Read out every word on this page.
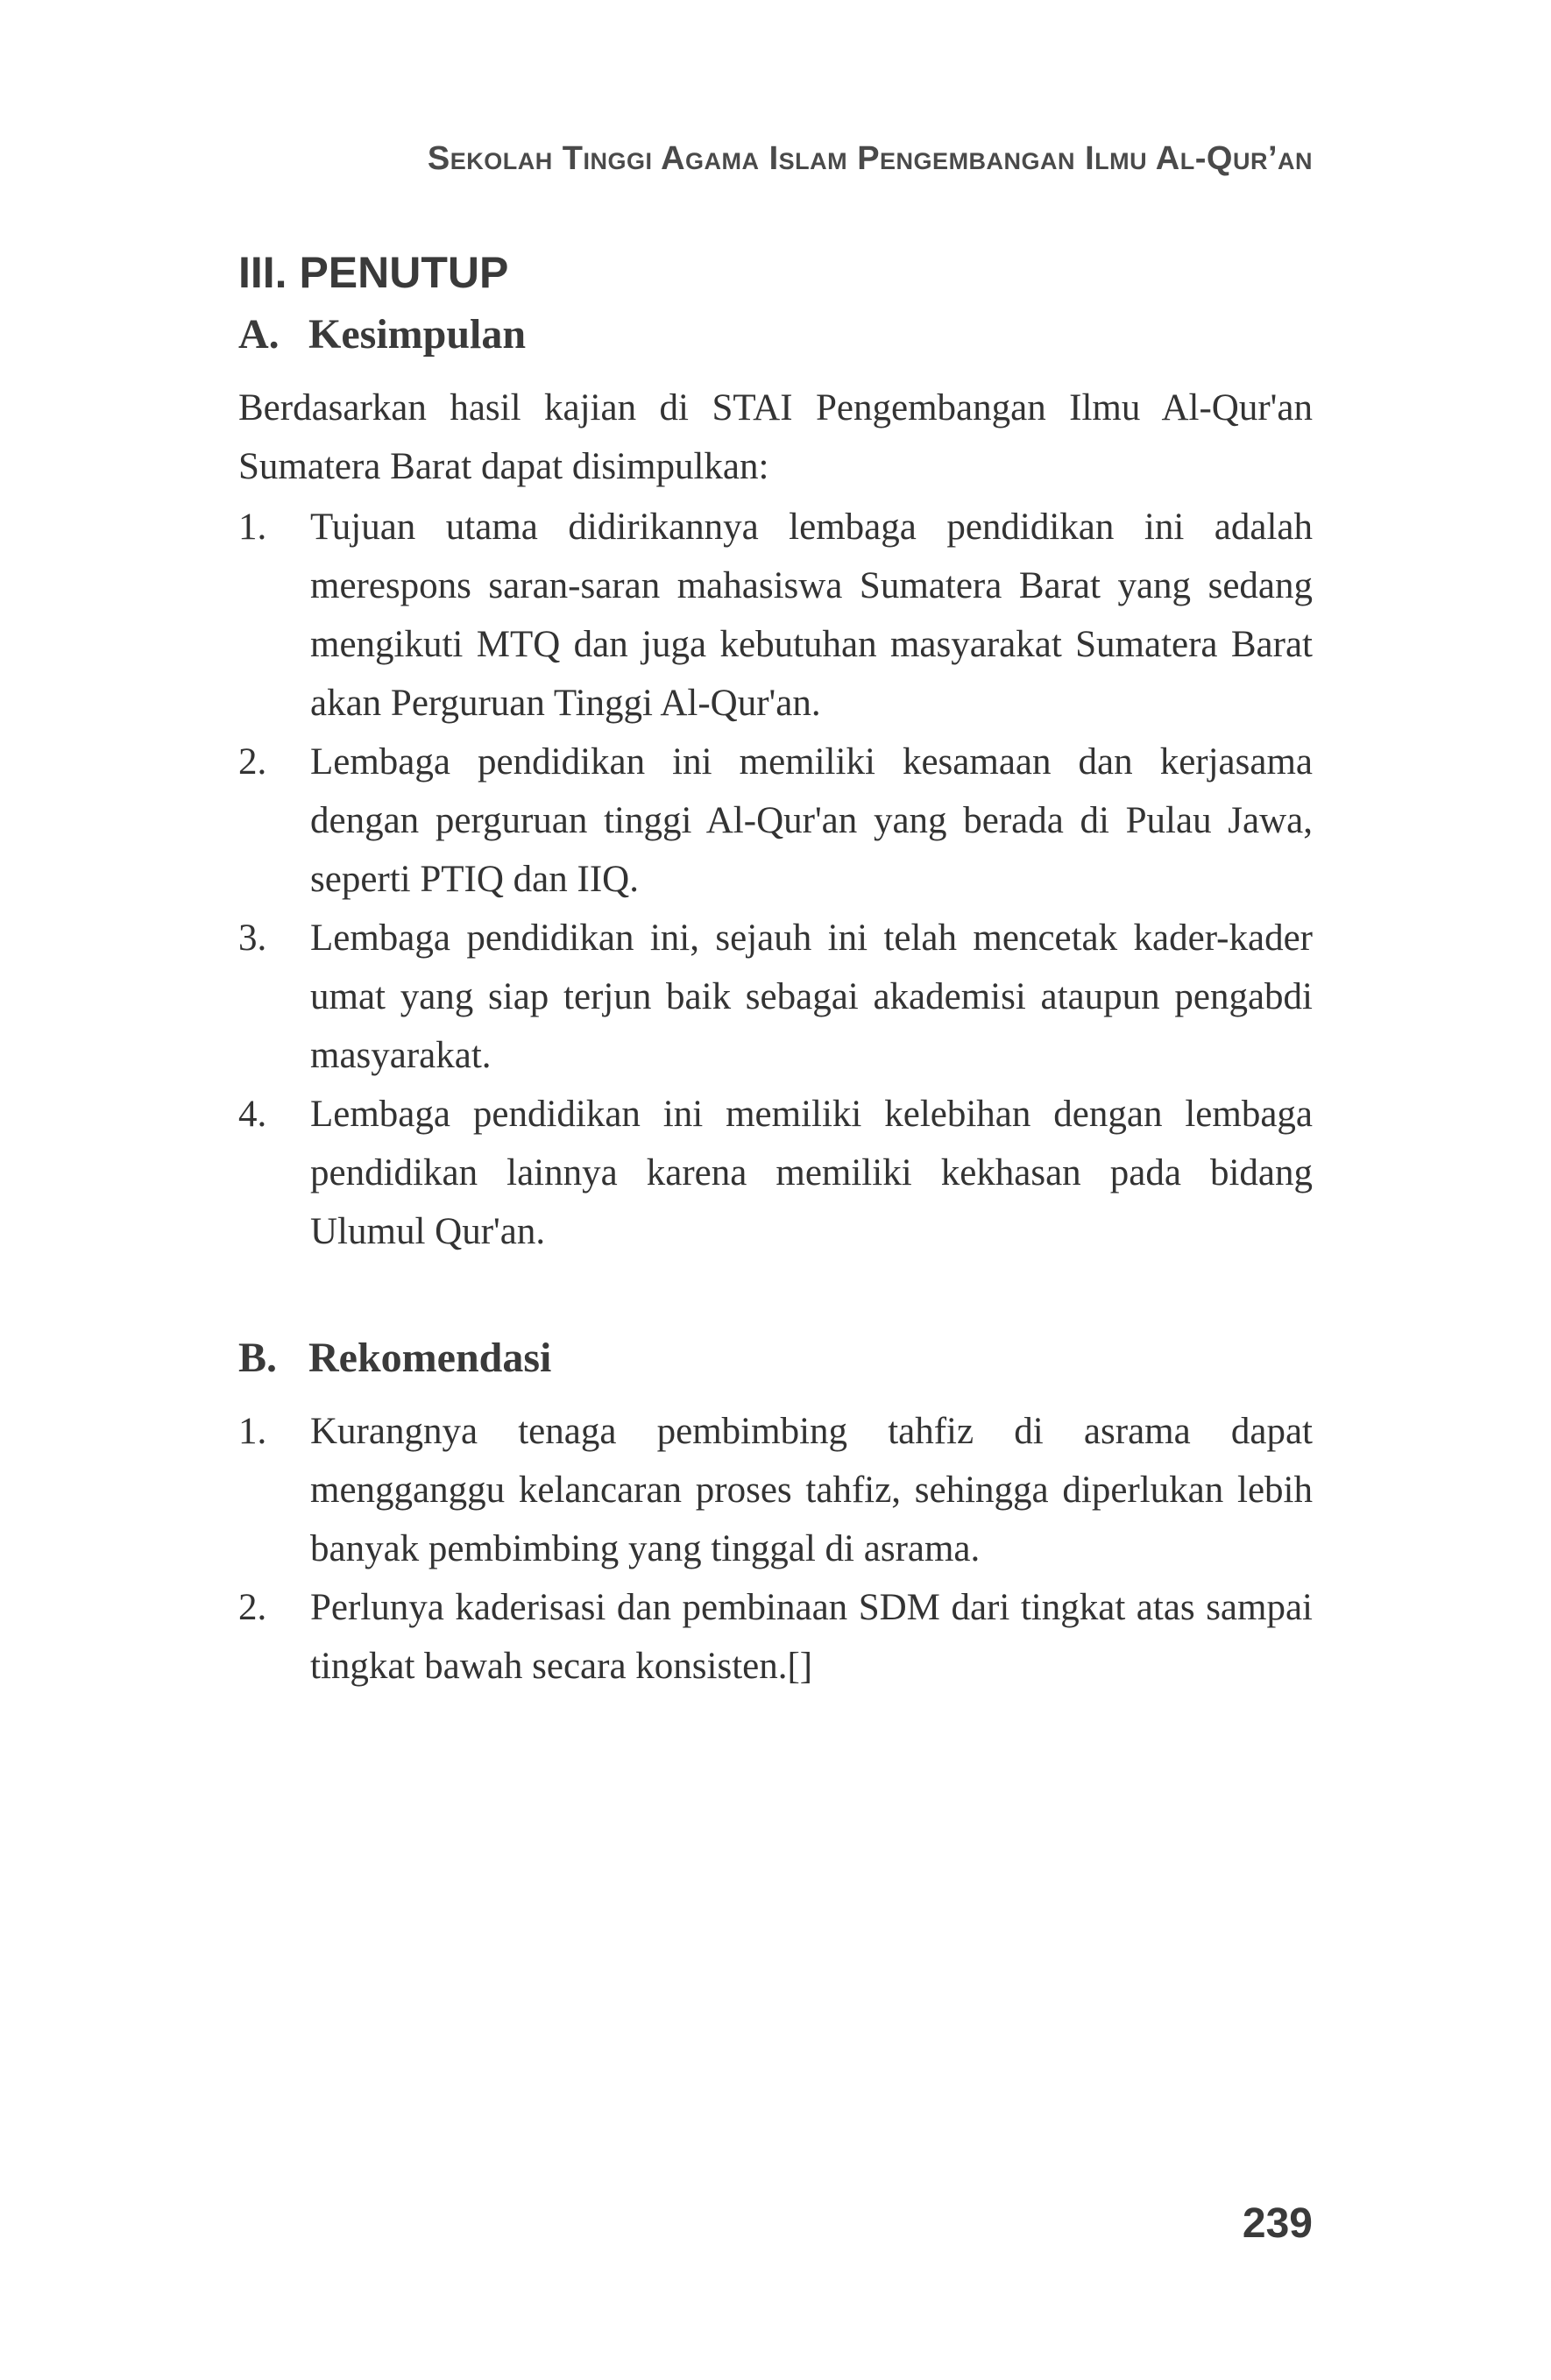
Sekolah Tinggi Agama Islam Pengembangan Ilmu Al-Qur’an
III. PENUTUP
A. Kesimpulan
Berdasarkan hasil kajian di STAI Pengembangan Ilmu Al-Qur'an Sumatera Barat dapat disimpulkan:
1. Tujuan utama didirikannya lembaga pendidikan ini adalah merespons saran-saran mahasiswa Sumatera Barat yang sedang mengikuti MTQ dan juga kebutuhan masyarakat Sumatera Barat akan Perguruan Tinggi Al-Qur'an.
2. Lembaga pendidikan ini memiliki kesamaan dan kerjasama dengan perguruan tinggi Al-Qur'an yang berada di Pulau Jawa, seperti PTIQ dan IIQ.
3. Lembaga pendidikan ini, sejauh ini telah mencetak kader-kader umat yang siap terjun baik sebagai akademisi ataupun pengabdi masyarakat.
4. Lembaga pendidikan ini memiliki kelebihan dengan lembaga pendidikan lainnya karena memiliki kekhasan pada bidang Ulumul Qur'an.
B. Rekomendasi
1. Kurangnya tenaga pembimbing tahfiz di asrama dapat mengganggu kelancaran proses tahfiz, sehingga diperlukan lebih banyak pembimbing yang tinggal di asrama.
2. Perlunya kaderisasi dan pembinaan SDM dari tingkat atas sampai tingkat bawah secara konsisten.[]
239
